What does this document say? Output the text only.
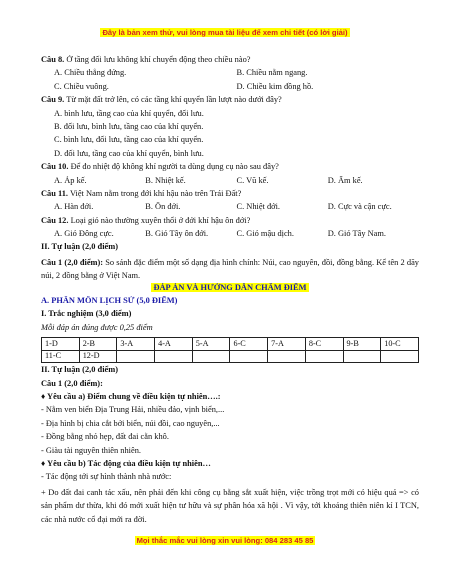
Đây là bản xem thử, vui lòng mua tài liệu để xem chi tiết (có lời giải)
Câu 8. Ở tầng đối lưu không khí chuyển động theo chiều nào?
A. Chiều thẳng đứng.	B. Chiều nằm ngang.
C. Chiều vuông.	D. Chiều kim đồng hồ.
Câu 9. Từ mặt đất trở lên, có các tầng khí quyển lần lượt nào dưới đây?
A. bình lưu, tầng cao của khí quyển, đối lưu.
B. đối lưu, bình lưu, tầng cao của khí quyển.
C. bình lưu, đối lưu, tầng cao của khí quyển.
D. đối lưu, tầng cao của khí quyển, bình lưu.
Câu 10. Để đo nhiệt độ không khí người ta dùng dụng cụ nào sau đây?
A. Áp kế.	B. Nhiệt kế.	C. Vũ kế.	D. Ẩm kế.
Câu 11. Việt Nam nằm trong đới khí hậu nào trên Trái Đất?
A. Hàn đới.	B. Ôn đới.	C. Nhiệt đới.	D. Cực và cận cực.
Câu 12. Loại gió nào thường xuyên thổi ở đới khí hậu ôn đới?
A. Gió Đông cực.	B. Gió Tây ôn đới.	C. Gió mậu dịch.	D. Gió Tây Nam.
II. Tự luận (2,0 điểm)
Câu 1 (2,0 điểm): So sánh đặc điểm một số dạng địa hình chính: Núi, cao nguyên, đồi, đồng bằng. Kể tên 2 dãy núi, 2 đồng bằng ở Việt Nam.
ĐÁP ÁN VÀ HƯỚNG DẪN CHẤM ĐIỂM
A. PHÂN MÔN LỊCH SỬ (5,0 ĐIỂM)
I. Trắc nghiệm (3,0 điểm)
Mỗi đáp án đúng được 0,25 điểm
1-D	2-B	3-A	4-A	5-A	6-C	7-A	8-C	9-B	10-C
11-C	12-D								
II. Tự luận (2,0 điểm)
Câu 1 (2,0 điểm):
♦ Yêu cầu a) Điểm chung về điều kiện tự nhiên….:
- Nằm ven biển Địa Trung Hải, nhiều đảo, vịnh biển,...
- Địa hình bị chia cắt bởi biển, núi đồi, cao nguyên,...
- Đồng bằng nhỏ hẹp, đất đai cằn khô.
- Giàu tài nguyên thiên nhiên.
♦ Yêu cầu b) Tác động của điều kiện tự nhiên…
- Tác động tới sự hình thành nhà nước:
+ Do đất đai canh tác xấu, nên phải đến khi công cụ bằng sắt xuất hiện, việc trồng trọt mới có hiệu quả => có sản phẩm dư thừa, khi đó mới xuất hiện tư hữu và sự phân hóa xã hội . Vì vậy, tới khoảng thiên niên kỉ I TCN, các nhà nước cổ đại mới ra đời.
Mọi thắc mắc vui lòng xin vui lòng: 084 283 45 85
